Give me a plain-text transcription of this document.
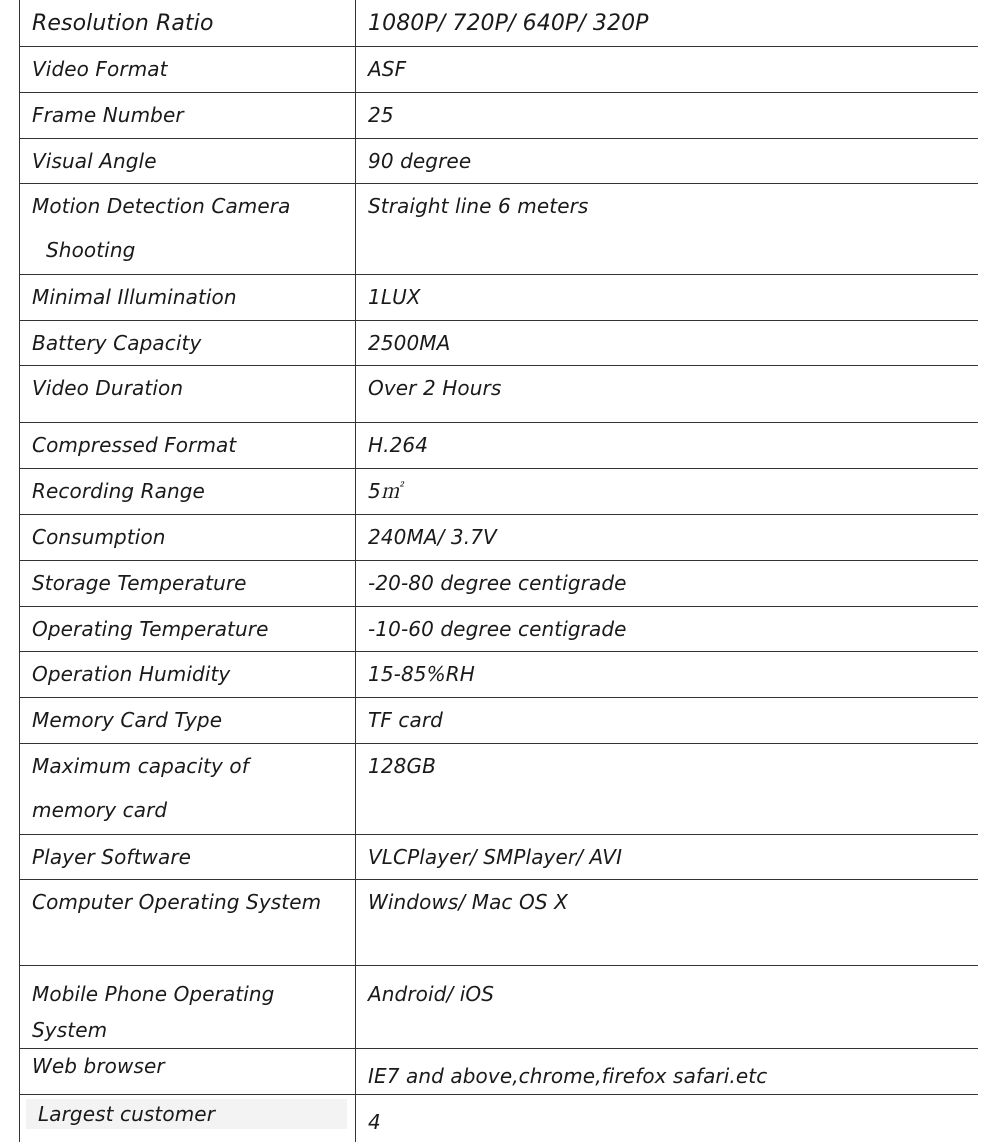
Resolution Ratio	1080P/ 720P/ 640P/ 320P
Video Format	ASF
Frame Number	25
Visual Angle	90 degree

Motion Detection Camera
Shooting	Straight line 6 meters
Minimal Illumination	1LUX
Battery Capacity	2500MA
Video Duration	Over 2 Hours
Compressed Format	H.264
Recording Range	5㎡
Consumption	240MA/ 3.7V
Storage Temperature	-20-80 degree centigrade
Operating Temperature	-10-60 degree centigrade
Operation Humidity	15-85%RH
Memory Card Type	TF card

Maximum capacity of
memory card	128GB
Player Software	VLCPlayer/ SMPlayer/ AVI
Computer Operating System	Windows/ Mac OS X

Mobile Phone Operating
System	Android/ iOS
Web browser	IE7 and above,chrome,firefox safari.etc

Largest customer	4
